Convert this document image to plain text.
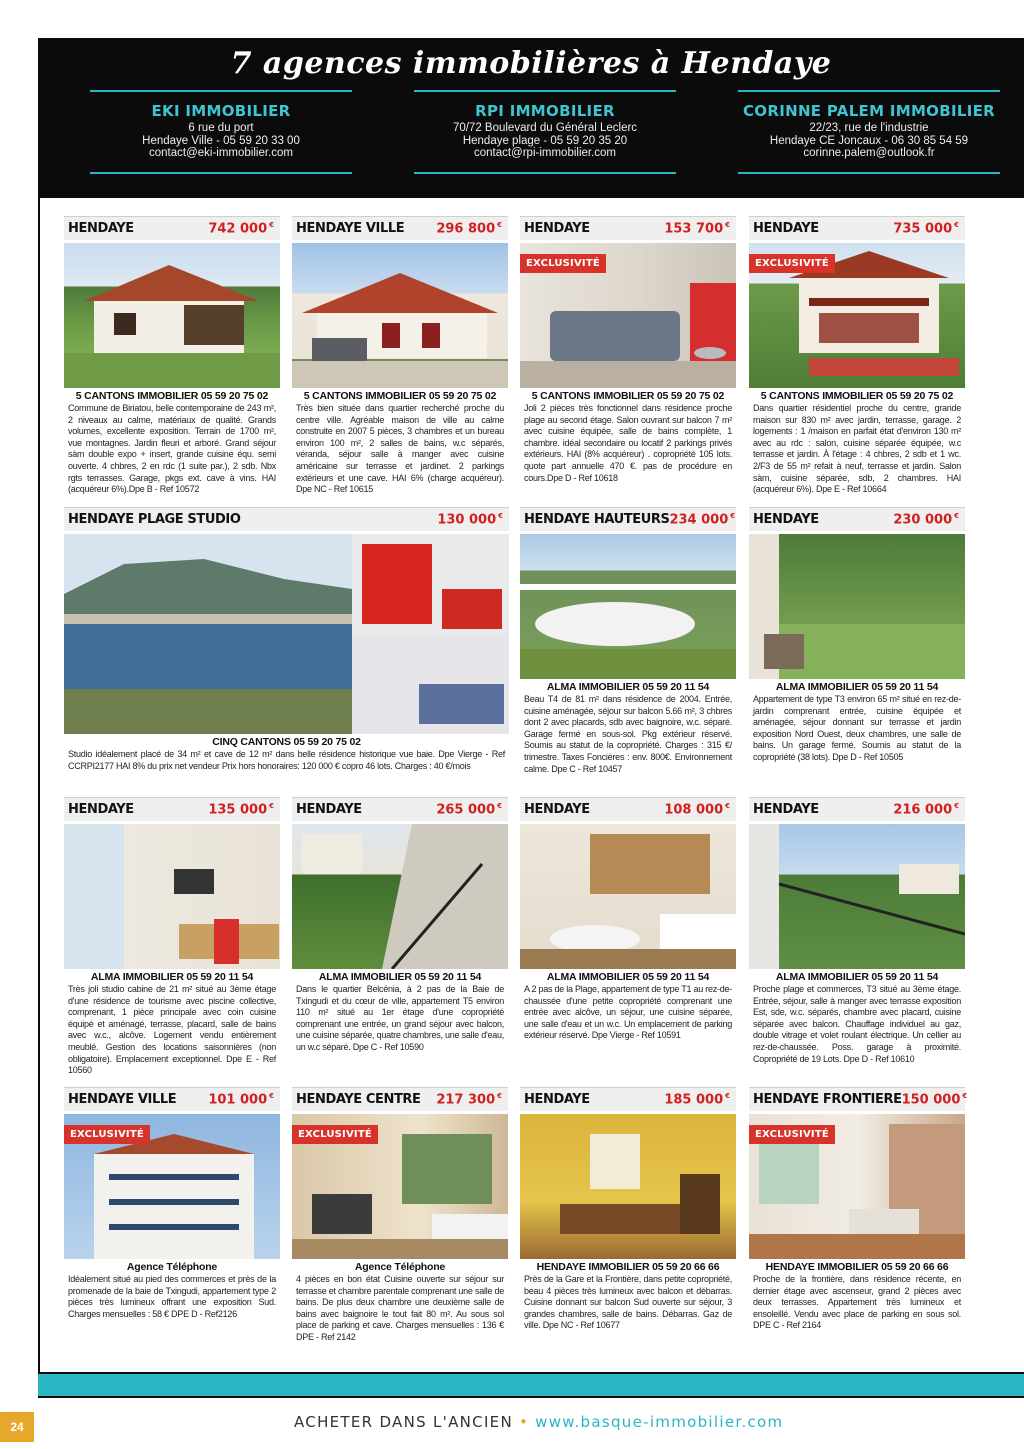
7 agences immobilières à Hendaye
EKI IMMOBILIER
6 rue du port
Hendaye Ville - 05 59 20 33 00
contact@eki-immobilier.com
RPI IMMOBILIER
70/72 Boulevard du Général Leclerc
Hendaye plage - 05 59 20 35 20
contact@rpi-immobilier.com
CORINNE PALEM IMMOBILIER
22/23, rue de l'industrie
Hendaye CE Joncaux - 06 30 85 54 59
corinne.palem@outlook.fr
HENDAYE	742 000 €
5 CANTONS IMMOBILIER 05 59 20 75 02
Commune de Biriatou, belle contemporaine de 243 m², 2 niveaux au calme, matériaux de qualité. Grands volumes, excellente exposition. Terrain de 1700 m², vue montagnes. Jardin fleuri et arboré. Grand séjour sàm double expo + insert, grande cuisine équ. semi ouverte. 4 chbres, 2 en rdc (1 suite par.), 2 sdb. Nbx rgts terrasses. Garage, pkgs ext. cave à vins. HAI (acquéreur 6%).Dpe B - Ref 10572
HENDAYE VILLE 296 800 €
5 CANTONS IMMOBILIER 05 59 20 75 02
Très bien située dans quartier recherché proche du centre ville. Agréable maison de ville au calme construite en 2007 5 pièces, 3 chambres et un bureau environ 100 m², 2 salles de bains, w.c séparés, véranda, séjour salle à manger avec cuisine américaine sur terrasse et jardinet. 2 parkings extérieurs et une cave. HAI 6% (charge acquéreur). Dpe NC - Ref 10615
HENDAYE	153 700 €
EXCLUSIVITÉ
5 CANTONS IMMOBILIER 05 59 20 75 02
Joli 2 pièces très fonctionnel dans résidence proche plage au second étage. Salon ouvrant sur balcon 7 m² avec cuisine équipée, salle de bains complète, 1 chambre. idéal secondaire ou locatif 2 parkings privés extérieurs. HAI (8% acquéreur) . copropriété 105 lots. quote part annuelle 470 €. pas de procédure en cours.Dpe D - Ref 10618
HENDAYE	735 000 €
EXCLUSIVITÉ
5 CANTONS IMMOBILIER 05 59 20 75 02
Dans quartier résidentiel proche du centre, grande maison sur 830 m² avec jardin, terrasse, garage. 2 logements : 1 /maison en parfait état d'environ 130 m² avec au rdc : salon, cuisine séparée équipée, w.c terrasse et jardin. À l'étage : 4 chbres, 2 sdb et 1 wc. 2/F3 de 55 m² refait à neuf, terrasse et jardin. Salon sàm, cuisine séparée, sdb, 2 chambres. HAI (acquéreur 6%). Dpe E - Ref 10664
HENDAYE PLAGE STUDIO	130 000 €
CINQ CANTONS 05 59 20 75 02
Studio idéalement placé de 34 m² et cave de 12 m² dans belle résidence historique vue baie. Dpe Vierge - Ref CCRPI2177 HAI 8% du prix net vendeur Prix hors honoraires: 120 000 € copro 46 lots. Charges : 40 €/mois
HENDAYE HAUTEURS 234 000 €
ALMA IMMOBILIER 05 59 20 11 54
Beau T4 de 81 m² dans résidence de 2004. Entrée, cuisine aménagée, séjour sur balcon 5.66 m², 3 chbres dont 2 avec placards, sdb avec baignoire, w.c. séparé. Garage fermé en sous-sol. Pkg extérieur réservé. Soumis au statut de la copropriété. Charges : 315 €/ trimestre. Taxes Foncières : env. 800€. Environnement calme. Dpe C - Ref 10457
HENDAYE	230 000 €
ALMA IMMOBILIER 05 59 20 11 54
Appartement de type T3 environ 65 m² situé en rez-de-jardin comprenant entrée, cuisine équipée et aménagée, séjour donnant sur terrasse et jardin exposition Nord Ouest, deux chambres, une salle de bains. Un garage fermé. Soumis au statut de la copropriété (38 lots). Dpe D - Ref 10505
HENDAYE	135 000 €
ALMA IMMOBILIER 05 59 20 11 54
Très joli studio cabine de 21 m² situé au 3ème étage d'une résidence de tourisme avec piscine collective, comprenant, 1 pièce principale avec coin cuisine équipé et aménagé, terrasse, placard, salle de bains avec w.c., alcôve. Logement vendu entièrement meublé. Gestion des locations saisonnières (non obligatoire). Emplacement exceptionnel. Dpe E - Ref 10560
HENDAYE	265 000 €
ALMA IMMOBILIER 05 59 20 11 54
Dans le quartier Belcénia, à 2 pas de la Baie de Txingudi et du cœur de ville, appartement T5 environ 110 m² situé au 1er étage d'une copropriété comprenant une entrée, un grand séjour avec balcon, une cuisine séparée, quatre chambres, une salle d'eau, un w.c séparé. Dpe C - Ref 10590
HENDAYE	108 000 €
ALMA IMMOBILIER 05 59 20 11 54
A 2 pas de la Plage, appartement de type T1 au rez-de-chaussée d'une petite copropriété comprenant une entrée avec alcôve, un séjour, une cuisine séparée, une salle d'eau et un w.c. Un emplacement de parking extérieur réservé. Dpe Vierge - Ref 10591
HENDAYE	216 000 €
ALMA IMMOBILIER 05 59 20 11 54
Proche plage et commerces, T3 situé au 3ème étage. Entrée, séjour, salle à manger avec terrasse exposition Est, sde, w.c. séparés, chambre avec placard, cuisine séparée avec balcon. Chauffage individuel au gaz, double vitrage et volet roulant électrique. Un cellier au rez-de-chaussée. Poss. garage à proximité. Copropriété de 19 Lots. Dpe D - Ref 10610
HENDAYE VILLE 101 000 €
EXCLUSIVITÉ
Agence Téléphone
Idéalement situé au pied des commerces et près de la promenade de la baie de Txingudi, appartement type 2 pièces très lumineux offrant une exposition Sud. Charges mensuelles : 58 € DPE D - Ref2126
HENDAYE CENTRE 217 300 €
EXCLUSIVITÉ
Agence Téléphone
4 pièces en bon état Cuisine ouverte sur séjour sur terrasse et chambre parentale comprenant une salle de bains. De plus deux chambre une deuxième salle de bains avec baignoire le tout fait 80 m². Au sous sol place de parking et cave. Charges mensuelles : 136 € DPE - Ref 2142
HENDAYE	185 000 €
HENDAYE IMMOBILIER 05 59 20 66 66
Près de la Gare et la Frontière, dans petite copropriété, beau 4 pièces très lumineux avec balcon et débarras. Cuisine donnant sur balcon Sud ouverte sur séjour, 3 grandes chambres, salle de bains. Débarras. Gaz de ville. Dpe NC - Ref 10677
HENDAYE FRONTIERE 150 000 €
EXCLUSIVITÉ
HENDAYE IMMOBILIER 05 59 20 66 66
Proche de la frontière, dans résidence récente, en dernier étage avec ascenseur, grand 2 pièces avec deux terrasses. Appartement très lumineux et ensoleillé. Vendu avec place de parking en sous sol. DPE C - Ref 2164
24	ACHETER DANS L'ANCIEN • www.basque-immobilier.com
